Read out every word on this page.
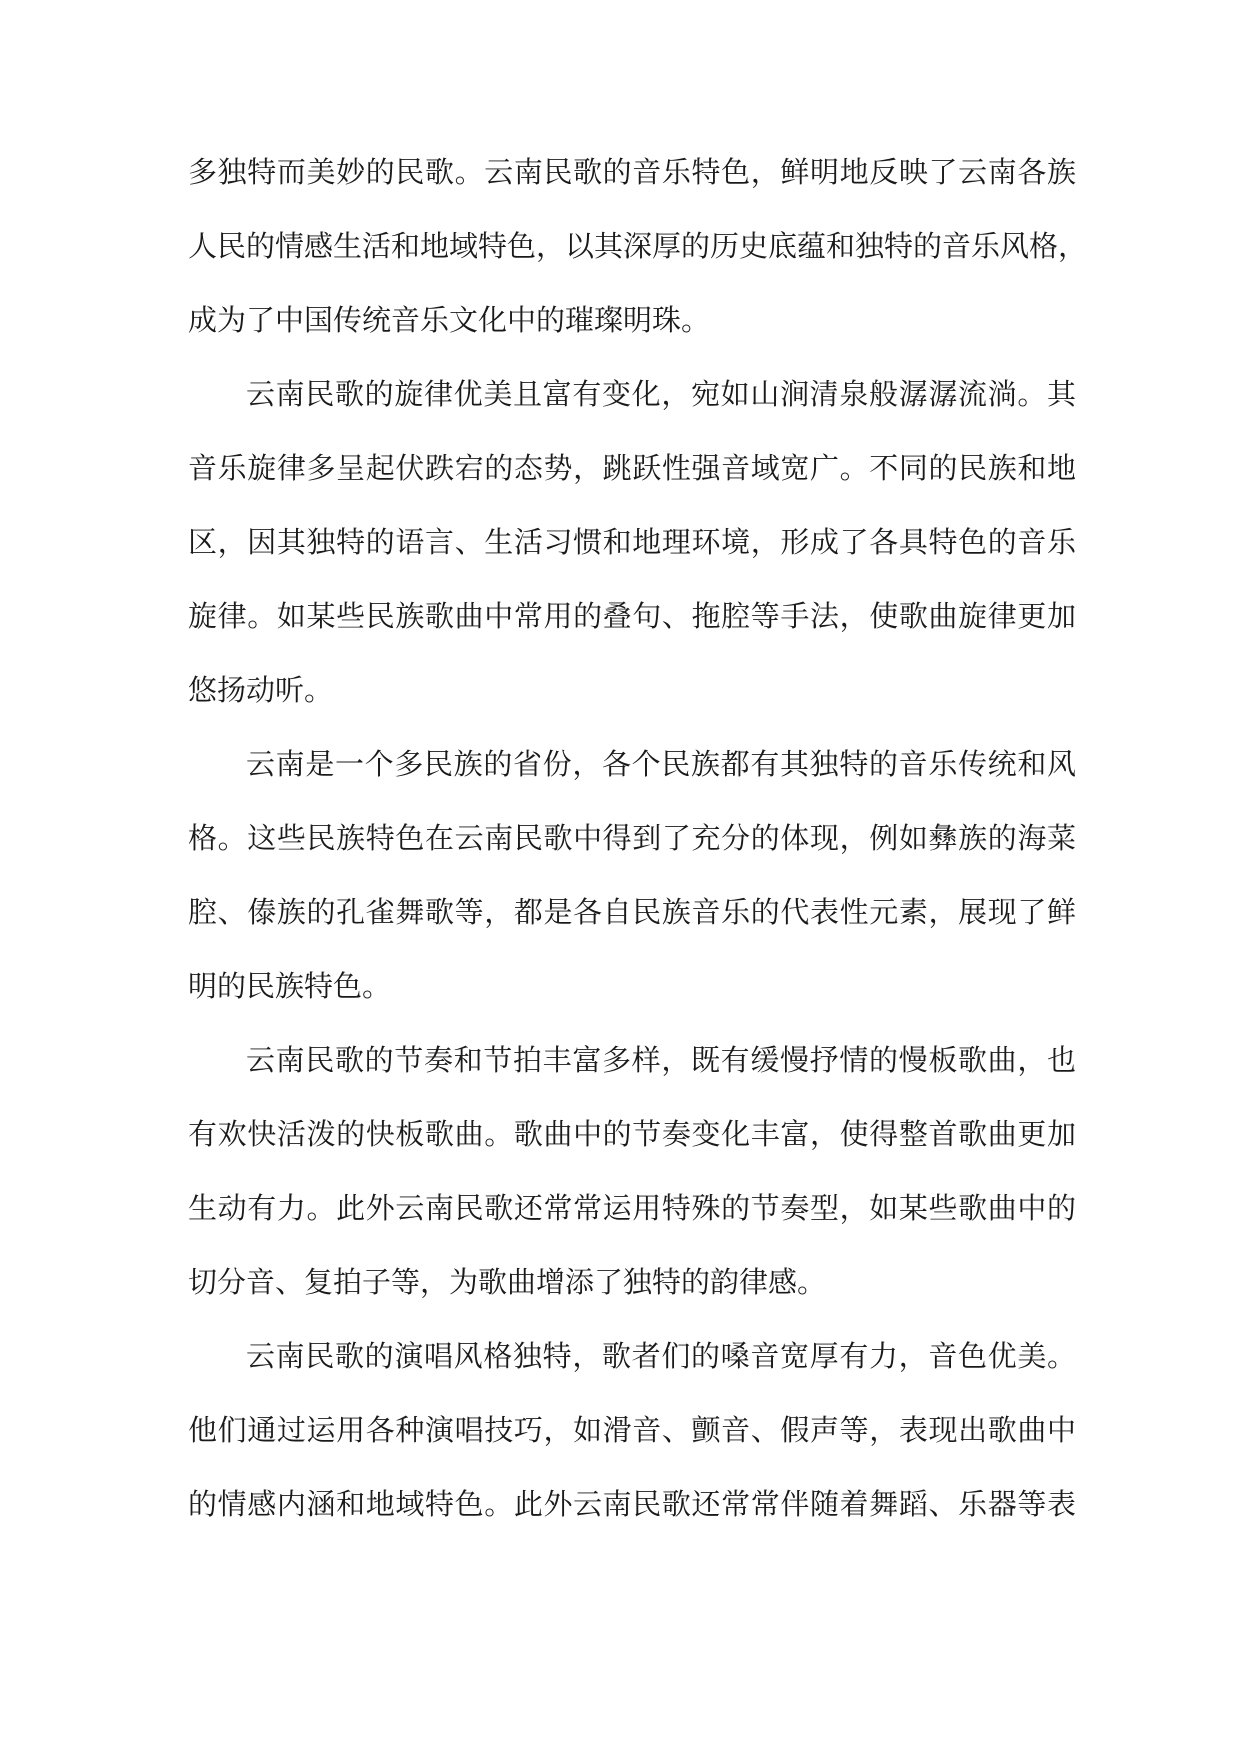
多独特而美妙的民歌。云南民歌的音乐特色，鲜明地反映了云南各族
人民的情感生活和地域特色，以其深厚的历史底蕴和独特的音乐风格，
成为了中国传统音乐文化中的璀璨明珠。
云南民歌的旋律优美且富有变化，宛如山涧清泉般潺潺流淌。其
音乐旋律多呈起伏跌宕的态势，跳跃性强音域宽广。不同的民族和地
区，因其独特的语言、生活习惯和地理环境，形成了各具特色的音乐
旋律。如某些民族歌曲中常用的叠句、拖腔等手法，使歌曲旋律更加
悠扬动听。
云南是一个多民族的省份，各个民族都有其独特的音乐传统和风
格。这些民族特色在云南民歌中得到了充分的体现，例如彝族的海菜
腔、傣族的孔雀舞歌等，都是各自民族音乐的代表性元素，展现了鲜
明的民族特色。
云南民歌的节奏和节拍丰富多样，既有缓慢抒情的慢板歌曲，也
有欢快活泼的快板歌曲。歌曲中的节奏变化丰富，使得整首歌曲更加
生动有力。此外云南民歌还常常运用特殊的节奏型，如某些歌曲中的
切分音、复拍子等，为歌曲增添了独特的韵律感。
云南民歌的演唱风格独特，歌者们的嗓音宽厚有力，音色优美。
他们通过运用各种演唱技巧，如滑音、颤音、假声等，表现出歌曲中
的情感内涵和地域特色。此外云南民歌还常常伴随着舞蹈、乐器等表
